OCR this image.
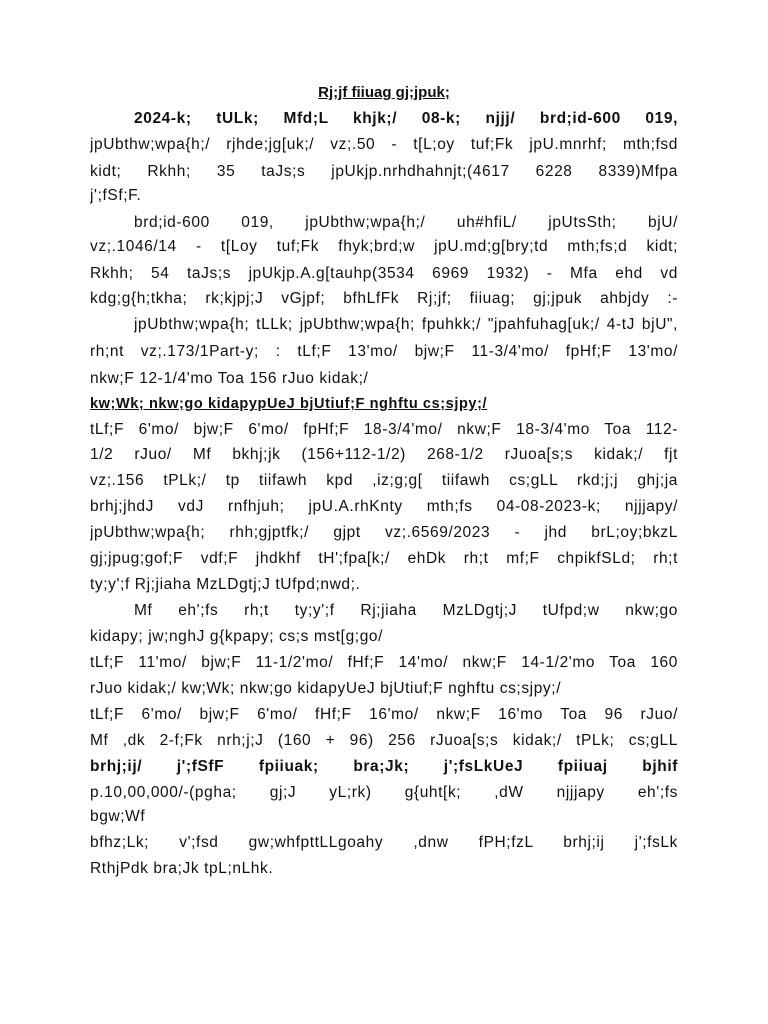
Rj;jf fiiuag gj;jpuk;
2024-k; tULk; Mfd;L khjk;/ 08-k; njjj/ brd;id-600 019,
jpUbthw;wpa{h;/ rjhde;jg[uk;/ vz;.50 - t[L;oy tuf;Fk jpU.mnrhf; mth;fsd
kidt; Rkhh; 35 taJs;s jpUkjp.nrhdhahnjt;(4617 6228 8339)Mfpa
j';fSf;F.
brd;id-600 019, jpUbthw;wpa{h;/ uh#hfiL/ jpUtsSth; bjU/
vz;.1046/14 - t[Loy tuf;Fk fhyk;brd;w jpU.md;g[bry;td mth;fs;d kidt;
Rkhh; 54 taJs;s jpUkjp.A.g[tauhp(3534 6969 1932) - Mfa ehd vd
kdg;g{h;tkha; rk;kjpj;J vGjpf; bfhLfFk Rj;jf; fiiuag; gj;jpuk ahbjdy :-
jpUbthw;wpa{h; tLLk; jpUbthw;wpa{h; fpuhkk;/ "jpahfuhag[uk;/ 4-tJ bjU",
rh;nt vz;.173/1Part-y; : tLf;F 13'mo/ bjw;F 11-3/4'mo/ fpHf;F 13'mo/
nkw;F 12-1/4'mo Toa 156 rJuo kidak;/
kw;Wk; nkw;go kidapypUeJ bjUtiuf;F nghftu cs;sjpy;/
tLf;F 6'mo/ bjw;F 6'mo/ fpHf;F 18-3/4'mo/ nkw;F 18-3/4'mo Toa 112-
1/2 rJuo/ Mf bkhj;jk (156+112-1/2) 268-1/2 rJuoa[s;s kidak;/ fjt
vz;.156 tPLk;/ tp tiifawh kpd ,iz;g;g[ tiifawh cs;gLL rkd;j;j ghj;ja
brhj;jhdJ vdJ rnfhjuh; jpU.A.rhKnty mth;fs 04-08-2023-k; njjjapy/
jpUbthw;wpa{h; rhh;gjptfk;/ gjpt vz;.6569/2023 - jhd brL;oy;bkzL
gj;jpug;gof;F vdf;F jhdkhf tH';fpa[k;/ ehDk rh;t mf;F chpikfSLd; rh;t
ty;y';f Rj;jiaha MzLDgtj;J tUfpd;nwd;.
Mf eh';fs rh;t ty;y';f Rj;jiaha MzLDgtj;J tUfpd;w nkw;go
kidapy; jw;nghJ g{kpapy; cs;s mst[g;go/
tLf;F 11'mo/ bjw;F 11-1/2'mo/ fHf;F 14'mo/ nkw;F 14-1/2'mo Toa 160
rJuo kidak;/ kw;Wk; nkw;go kidapyUeJ bjUtiuf;F nghftu cs;sjpy;/
tLf;F 6'mo/ bjw;F 6'mo/ fHf;F 16'mo/ nkw;F 16'mo Toa 96 rJuo/
Mf ,dk 2-f;Fk nrh;j;J (160 + 96) 256 rJuoa[s;s kidak;/ tPLk; cs;gLL
brhj;ij/ j';fSfF fpiiuak; bra;Jk; j';fsLkUeJ fpiiuaj bjhif
p.10,00,000/-(pgha; gj;J yL;rk) g{uht[k; ,dW njjjapy eh';fs
bgw;Wf
bfhz;Lk; v';fsd gw;whfpttLLgoahy ,dnw fPH;fzL brhj;ij j';fsLk
RthjPdk bra;Jk tpL;nLhk.
